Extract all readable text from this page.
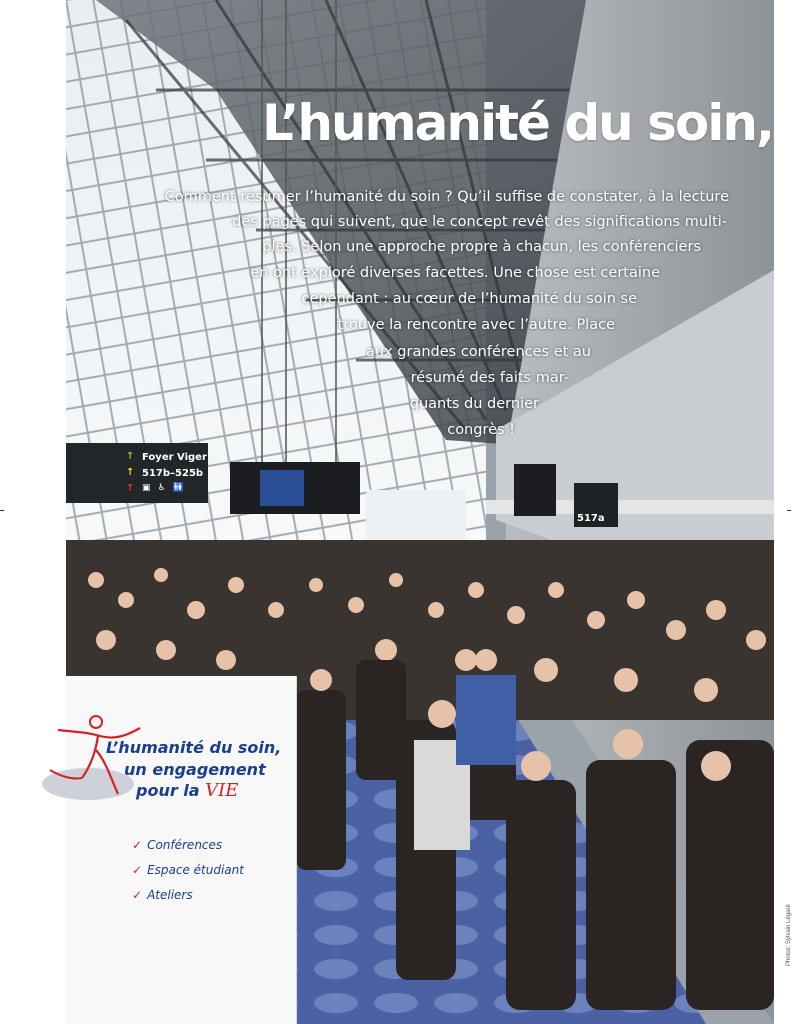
↑ Foyer Viger
↑ 517b–525b
↑ ▣ ♿ 🚻
517a
L’humanité du soin,
Comment résumer l’humanité du soin ? Qu’il suffise de constater, à la lecture
des pages qui suivent, que le concept revêt des significations multi-
ples. Selon une approche propre à chacun, les conférenciers
en ont exploré diverses facettes. Une chose est certaine
cependant : au cœur de l’humanité du soin se
trouve la rencontre avec l’autre. Place
aux grandes conférences et au
résumé des faits mar-
quants du dernier
congrès !
L’humanité du soin,
un engagement
pour la VIE
✓ Conférences
✓ Espace étudiant
✓ Ateliers
Photos: Sylvain Légaré
